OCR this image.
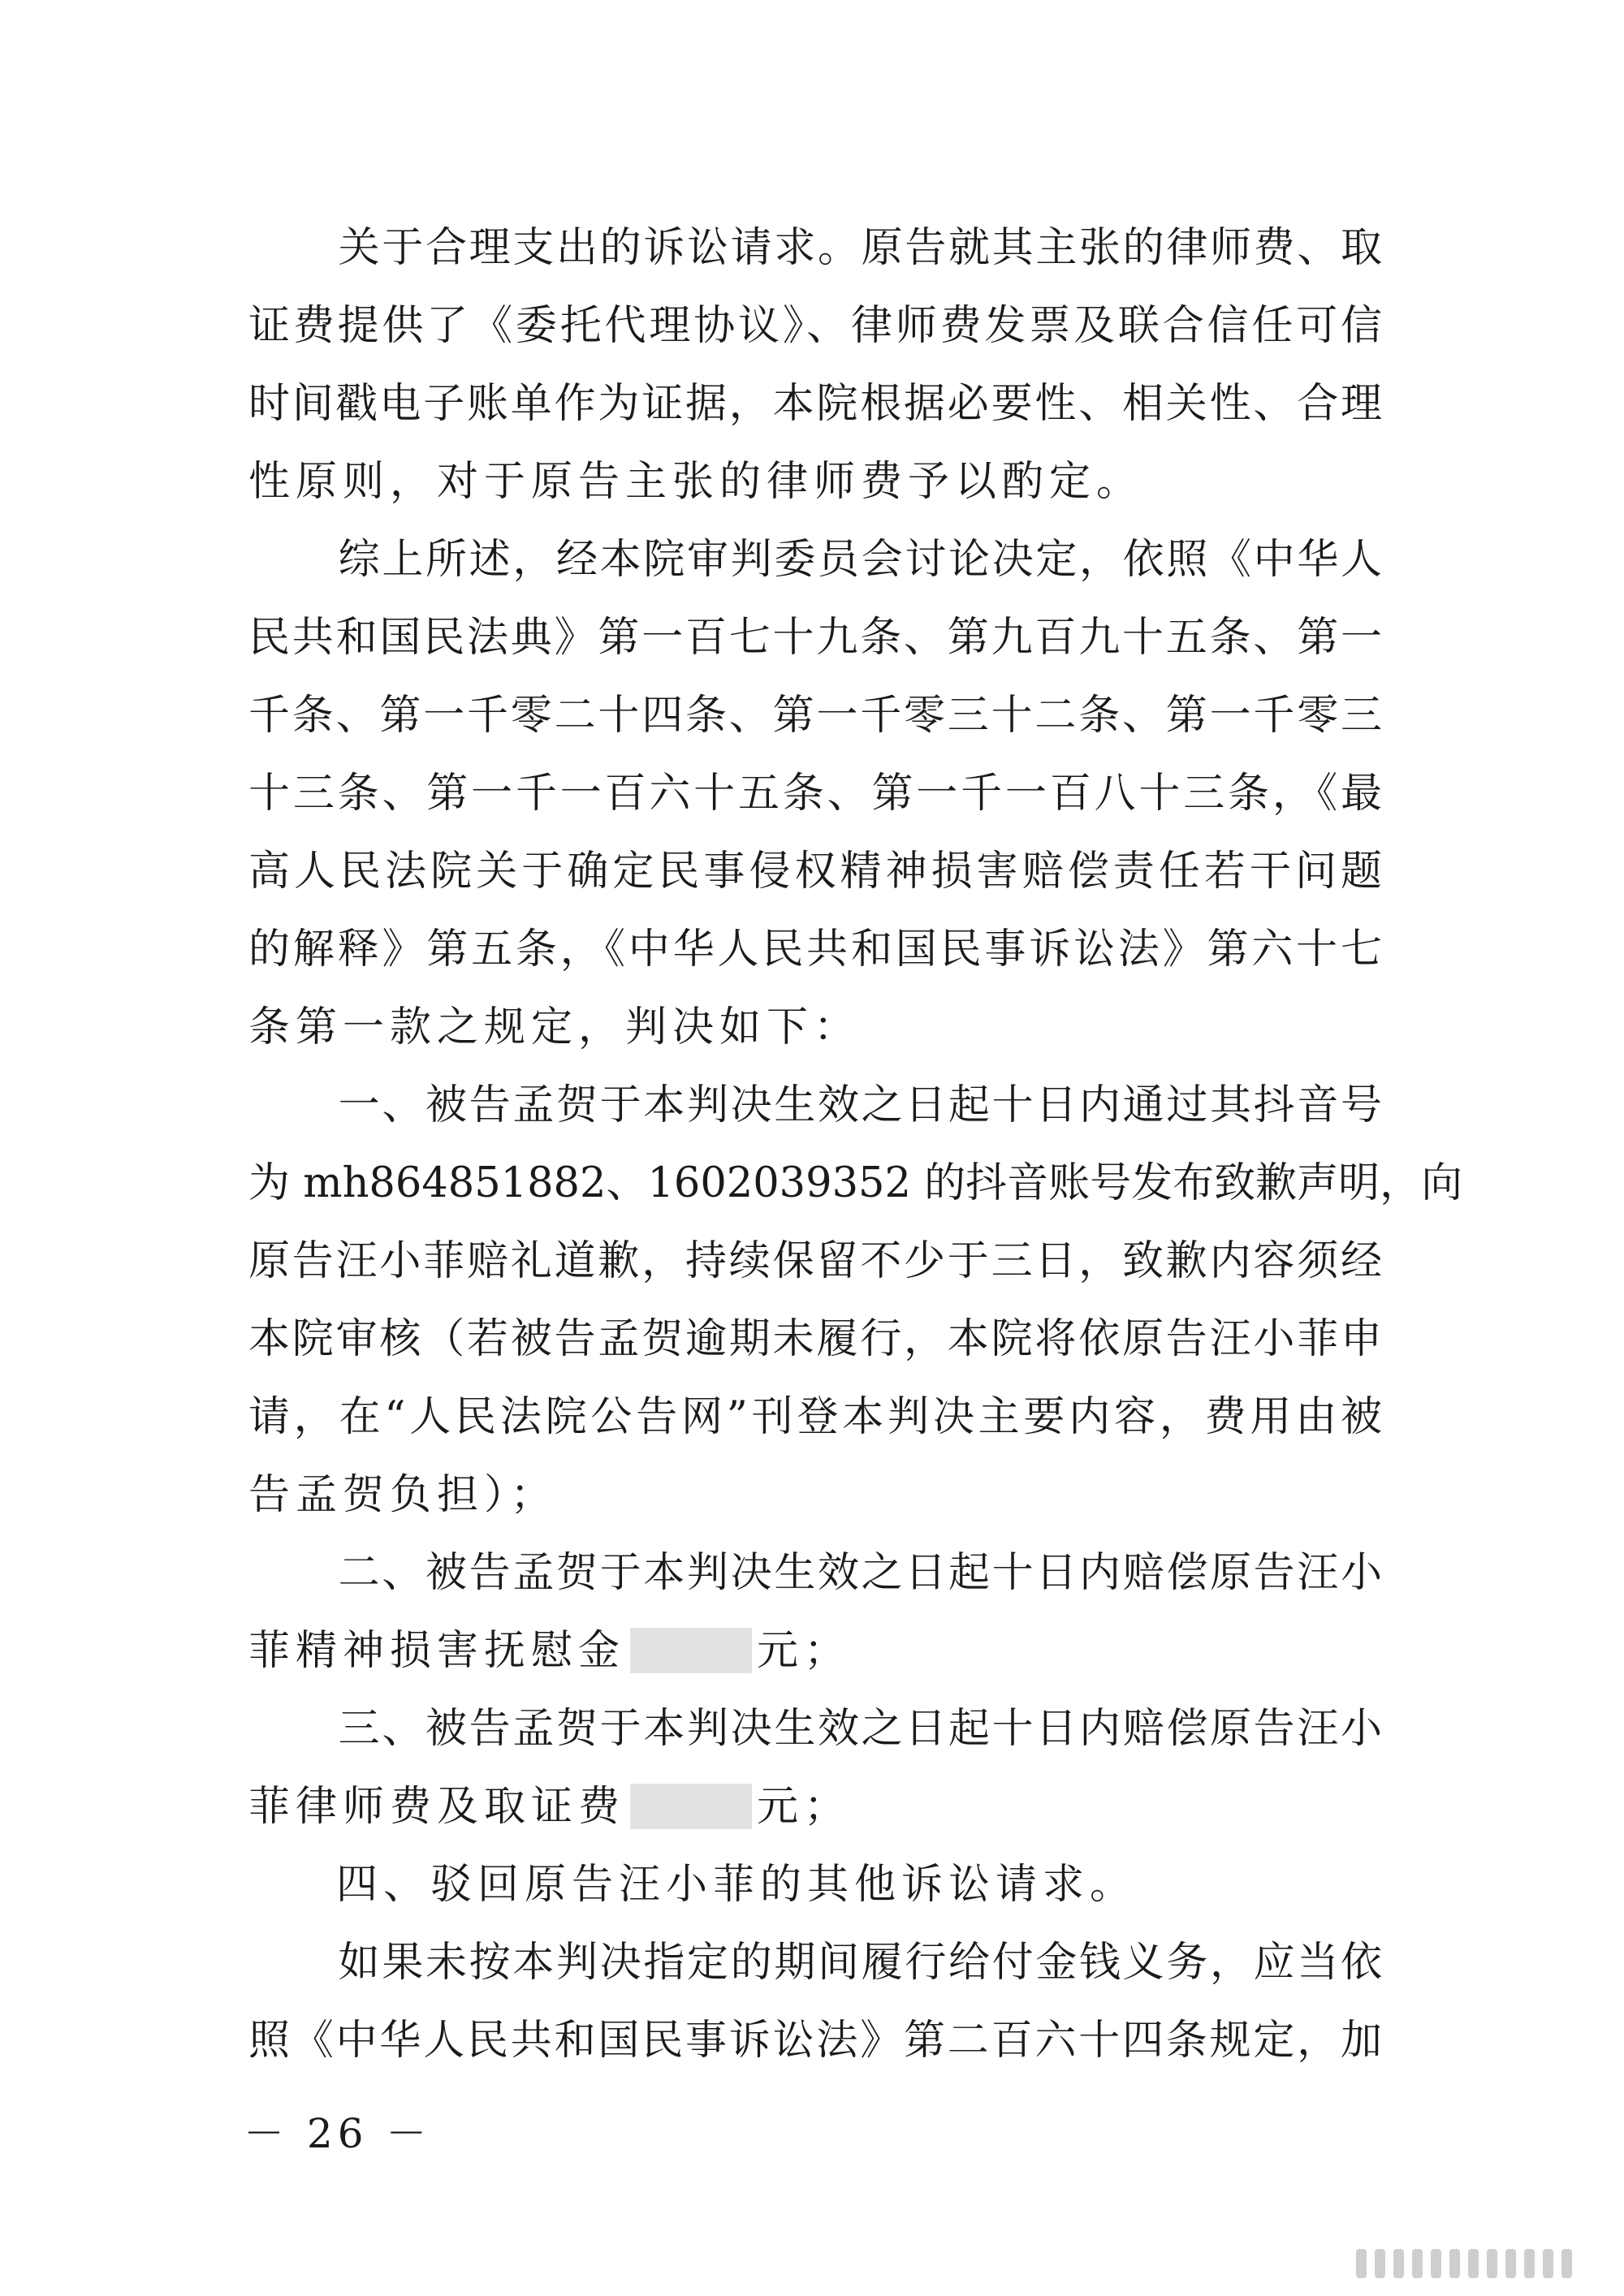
关于合理支出的诉讼请求。原告就其主张的律师费、取
证费提供了《委托代理协议》、律师费发票及联合信任可信
时间戳电子账单作为证据，本院根据必要性、相关性、合理
性原则，对于原告主张的律师费予以酌定。
综上所述，经本院审判委员会讨论决定，依照《中华人
民共和国民法典》第一百七十九条、第九百九十五条、第一
千条、第一千零二十四条、第一千零三十二条、第一千零三
十三条、第一千一百六十五条、第一千一百八十三条，《最
高人民法院关于确定民事侵权精神损害赔偿责任若干问题
的解释》第五条，《中华人民共和国民事诉讼法》第六十七
条第一款之规定，判决如下：
一、被告孟贺于本判决生效之日起十日内通过其抖音号
为 mh864851882、1602039352 的抖音账号发布致歉声明，向
原告汪小菲赔礼道歉，持续保留不少于三日，致歉内容须经
本院审核（若被告孟贺逾期未履行，本院将依原告汪小菲申
请，在“人民法院公告网”刊登本判决主要内容，费用由被
告孟贺负担）；
二、被告孟贺于本判决生效之日起十日内赔偿原告汪小
菲精神损害抚慰金	元；
三、被告孟贺于本判决生效之日起十日内赔偿原告汪小
菲律师费及取证费	元；
四、驳回原告汪小菲的其他诉讼请求。
如果未按本判决指定的期间履行给付金钱义务，应当依
照《中华人民共和国民事诉讼法》第二百六十四条规定，加
－ 26 －
